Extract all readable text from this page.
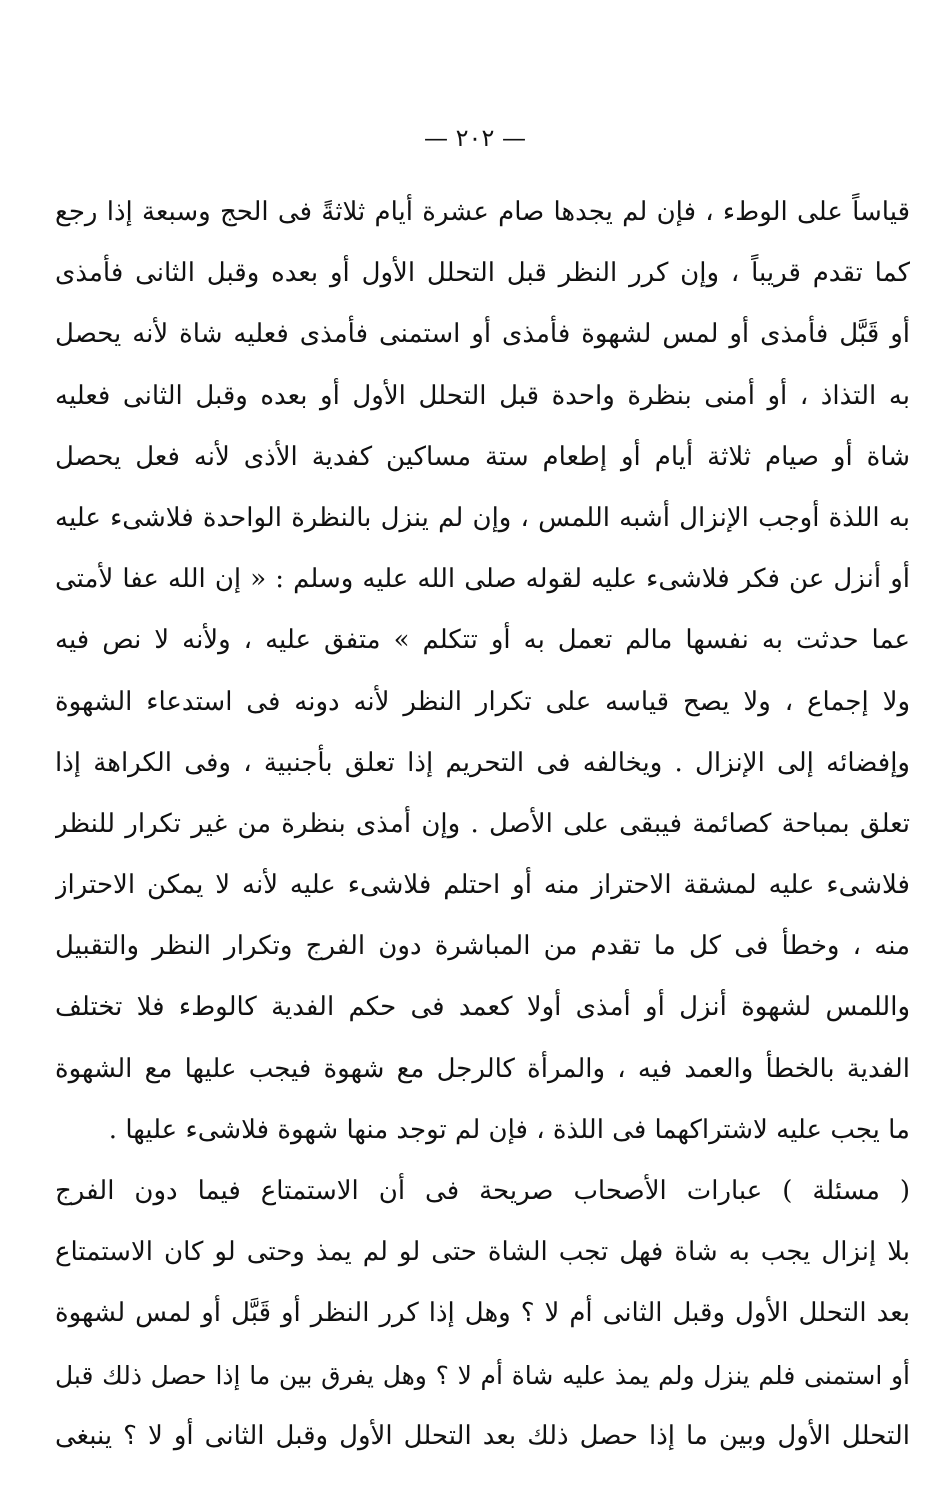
— ٢٠٢ —
قياساً على الوطء ، فإن لم يجدها صام عشرة أيام ثلاثةً فى الحج وسبعة إذا رجع
كما تقدم قريباً ، وإن كرر النظر قبل التحلل الأول أو بعده وقبل الثانى فأمذى
أو قَبَّل فأمذى أو لمس لشهوة فأمذى أو استمنى فأمذى فعليه شاة لأنه يحصل
به التذاذ ، أو أمنى بنظرة واحدة قبل التحلل الأول أو بعده وقبل الثانى فعليه
شاة أو صيام ثلاثة أيام أو إطعام ستة مساكين كفدية الأذى لأنه فعل يحصل
به اللذة أوجب الإنزال أشبه اللمس ، وإن لم ينزل بالنظرة الواحدة فلاشىء عليه
أو أنزل عن فكر فلاشىء عليه لقوله صلى الله عليه وسلم : « إن الله عفا لأمتى
عما حدثت به نفسها مالم تعمل به أو تتكلم » متفق عليه ، ولأنه لا نص فيه
ولا إجماع ، ولا يصح قياسه على تكرار النظر لأنه دونه فى استدعاء الشهوة
وإفضائه إلى الإنزال . ويخالفه فى التحريم إذا تعلق بأجنبية ، وفى الكراهة إذا
تعلق بمباحة كصائمة فيبقى على الأصل . وإن أمذى بنظرة من غير تكرار للنظر
فلاشىء عليه لمشقة الاحتراز منه أو احتلم فلاشىء عليه لأنه لا يمكن الاحتراز
منه ، وخطأ فى كل ما تقدم من المباشرة دون الفرج وتكرار النظر والتقبيل
واللمس لشهوة أنزل أو أمذى أولا كعمد فى حكم الفدية كالوطء فلا تختلف
الفدية بالخطأ والعمد فيه ، والمرأة كالرجل مع شهوة فيجب عليها مع الشهوة
ما يجب عليه لاشتراكهما فى اللذة ، فإن لم توجد منها شهوة فلاشىء عليها .
( مسئلة ) عبارات الأصحاب صريحة فى أن الاستمتاع فيما دون الفرج
بلا إنزال يجب به شاة فهل تجب الشاة حتى لو لم يمذ وحتى لو كان الاستمتاع
بعد التحلل الأول وقبل الثانى أم لا ؟ وهل إذا كرر النظر أو قَبَّل أو لمس لشهوة
أو استمنى فلم ينزل ولم يمذ عليه شاة أم لا ؟ وهل يفرق بين ما إذا حصل ذلك قبل
التحلل الأول وبين ما إذا حصل ذلك بعد التحلل الأول وقبل الثانى أو لا ؟ ينبغى
